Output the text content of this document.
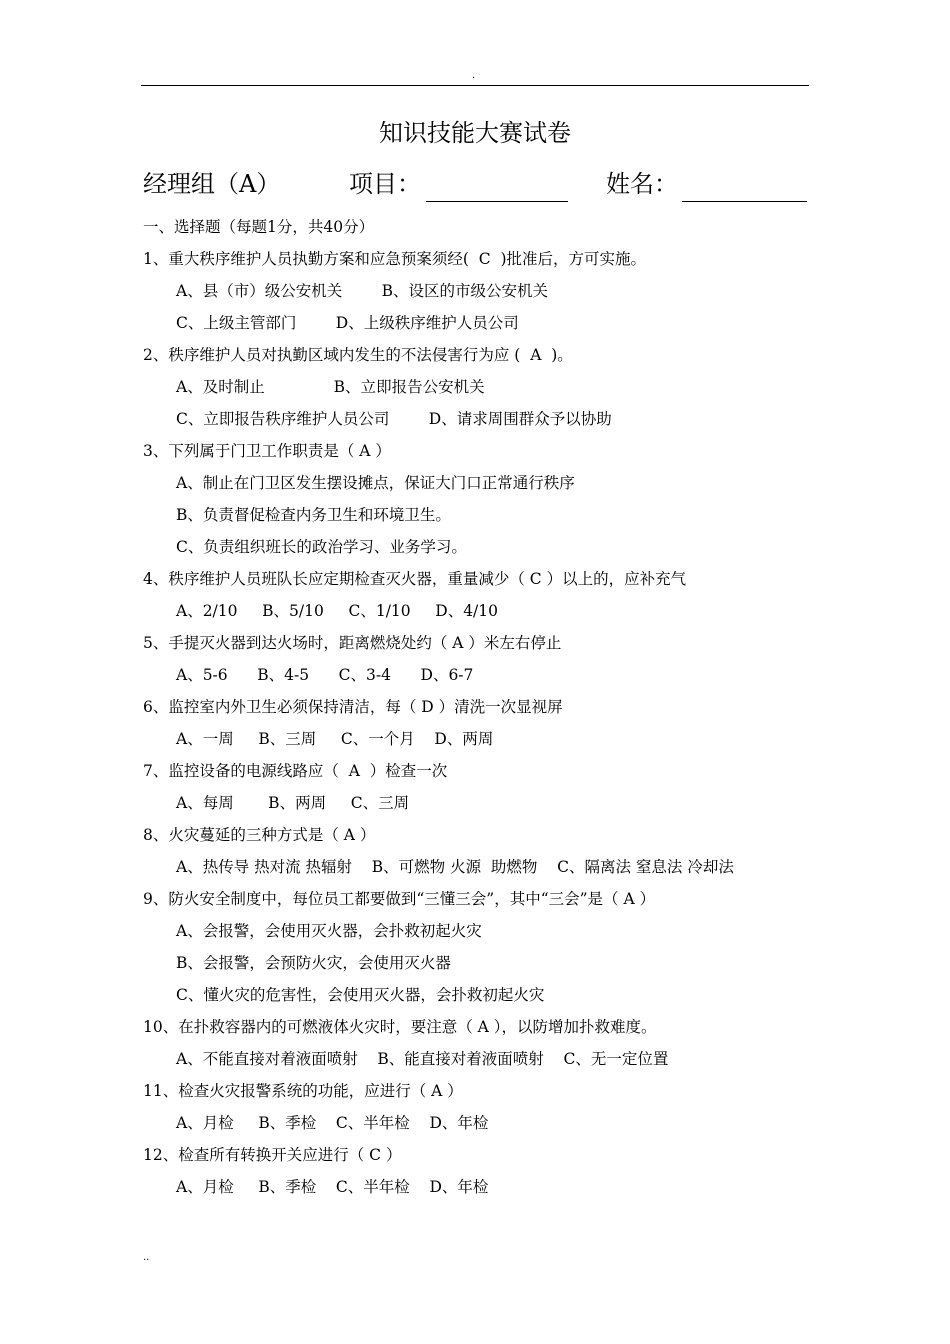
.
知识技能大赛试卷
经理组 （A）	项目：	姓名：
一、选择题（每题1分，共40分）
1、重大秩序维护人员执勤方案和应急预案须经(  C  )批准后，方可实施。
A、县（市）级公安机关        B、设区的市级公安机关
C、上级主管部门        D、上级秩序维护人员公司
2、秩序维护人员对执勤区域内发生的不法侵害行为应 (  A  )。
A、及时制止              B、立即报告公安机关
C、立即报告秩序维护人员公司        D、请求周围群众予以协助
3、下列属于门卫工作职责是（ A ）
A、制止在门卫区发生摆设摊点，保证大门口正常通行秩序
B、负责督促检查内务卫生和环境卫生。
C、负责组织班长的政治学习、业务学习。
4、秩序维护人员班队长应定期检查灭火器，重量减少（ C ）以上的，应补充气
A、2/10     B、5/10     C、1/10     D、4/10
5、手提灭火器到达火场时，距离燃烧处约（ A ）米左右停止
A、5-6      B、4-5      C、3-4      D、6-7
6、监控室内外卫生必须保持清洁，每（ D ）清洗一次显视屏
A、一周     B、三周     C、一个月    D、两周
7、监控设备的电源线路应（  A  ）检查一次
A、每周       B、两周     C、三周
8、火灾蔓延的三种方式是（ A ）
A、热传导 热对流 热辐射    B、可燃物 火源  助燃物    C、隔离法 窒息法 冷却法
9、防火安全制度中，每位员工都要做到“三懂三会”，其中“三会”是（ A ）
A、会报警，会使用灭火器，会扑救初起火灾
B、会报警，会预防火灾，会使用灭火器
C、懂火灾的危害性，会使用灭火器，会扑救初起火灾
10、在扑救容器内的可燃液体火灾时，要注意（ A ），以防增加扑救难度。
A、不能直接对着液面喷射    B、能直接对着液面喷射    C、无一定位置
11、检查火灾报警系统的功能，应进行（ A ）
A、月检     B、季检    C、半年检    D、年检
12、检查所有转换开关应进行（ C ）
A、月检     B、季检    C、半年检    D、年检
..
